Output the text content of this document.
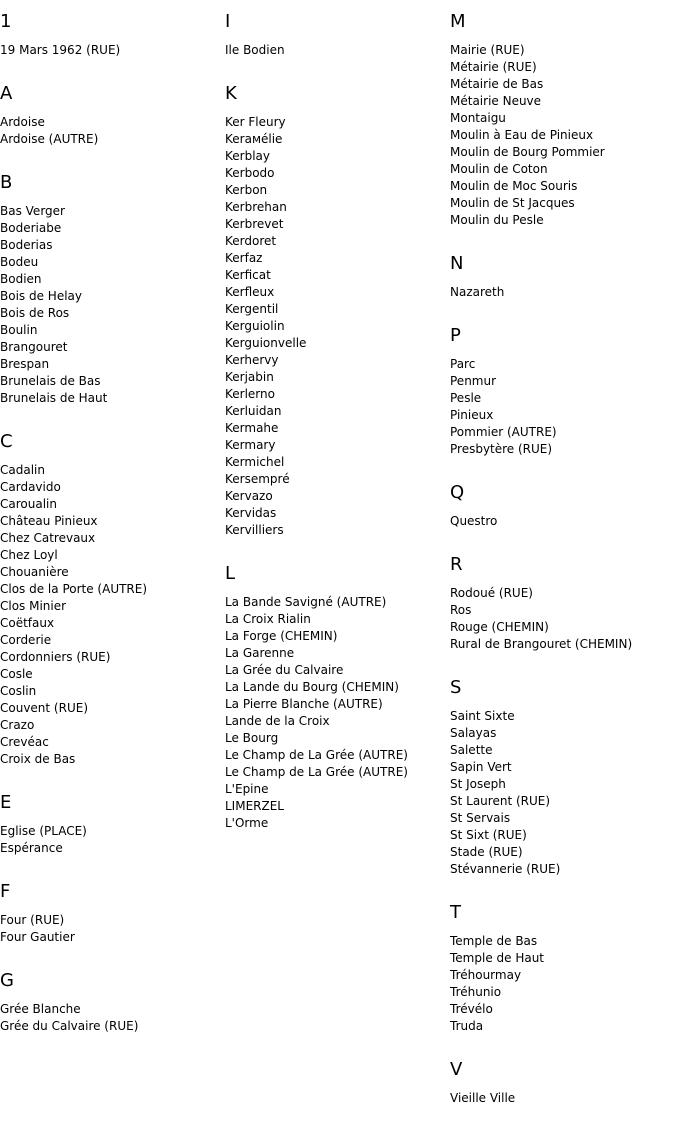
1
19 Mars 1962 (RUE)
A
Ardoise
Ardoise (AUTRE)
B
Bas Verger
Boderiabe
Boderias
Bodeu
Bodien
Bois de Helay
Bois de Ros
Boulin
Brangouret
Brespan
Brunelais de Bas
Brunelais de Haut
C
Cadalin
Cardavido
Caroualin
Château Pinieux
Chez Catrevaux
Chez Loyl
Chouanière
Clos de la Porte (AUTRE)
Clos Minier
Coëtfaux
Corderie
Cordonniers (RUE)
Cosle
Coslin
Couvent (RUE)
Crazo
Crevéac
Croix de Bas
E
Eglise (PLACE)
Espérance
F
Four (RUE)
Four Gautier
G
Grée Blanche
Grée du Calvaire (RUE)
I
Ile Bodien
K
Ker Fleury
Kerамélie
Kerblay
Kerbodo
Kerbon
Kerbrehan
Kerbrevet
Kerdoret
Kerfaz
Kerficat
Kerfleux
Kergentil
Kerguiolin
Kerguionvelle
Kerhervy
Kerjabin
Kerlerno
Kerluidan
Kermahe
Kermary
Kermichel
Kersempré
Kervazo
Kervidas
Kervilliers
L
La Bande Savigné (AUTRE)
La Croix Rialin
La Forge (CHEMIN)
La Garenne
La Grée du Calvaire
La Lande du Bourg (CHEMIN)
La Pierre Blanche (AUTRE)
Lande de la Croix
Le Bourg
Le Champ de La Grée (AUTRE)
Le Champ de La Grée (AUTRE)
L'Epine
LIMERZEL
L'Orme
M
Mairie (RUE)
Métairie (RUE)
Métairie de Bas
Métairie Neuve
Montaigu
Moulin à Eau de Pinieux
Moulin de Bourg Pommier
Moulin de Coton
Moulin de Moc Souris
Moulin de St Jacques
Moulin du Pesle
N
Nazareth
P
Parc
Penmur
Pesle
Pinieux
Pommier (AUTRE)
Presbytère (RUE)
Q
Questro
R
Rodoué (RUE)
Ros
Rouge (CHEMIN)
Rural de Brangouret (CHEMIN)
S
Saint Sixte
Salayas
Salette
Sapin Vert
St Joseph
St Laurent (RUE)
St Servais
St Sixt (RUE)
Stade (RUE)
Stévannerie (RUE)
T
Temple de Bas
Temple de Haut
Tréhourmay
Tréhunio
Trévélo
Truda
V
Vieille Ville
